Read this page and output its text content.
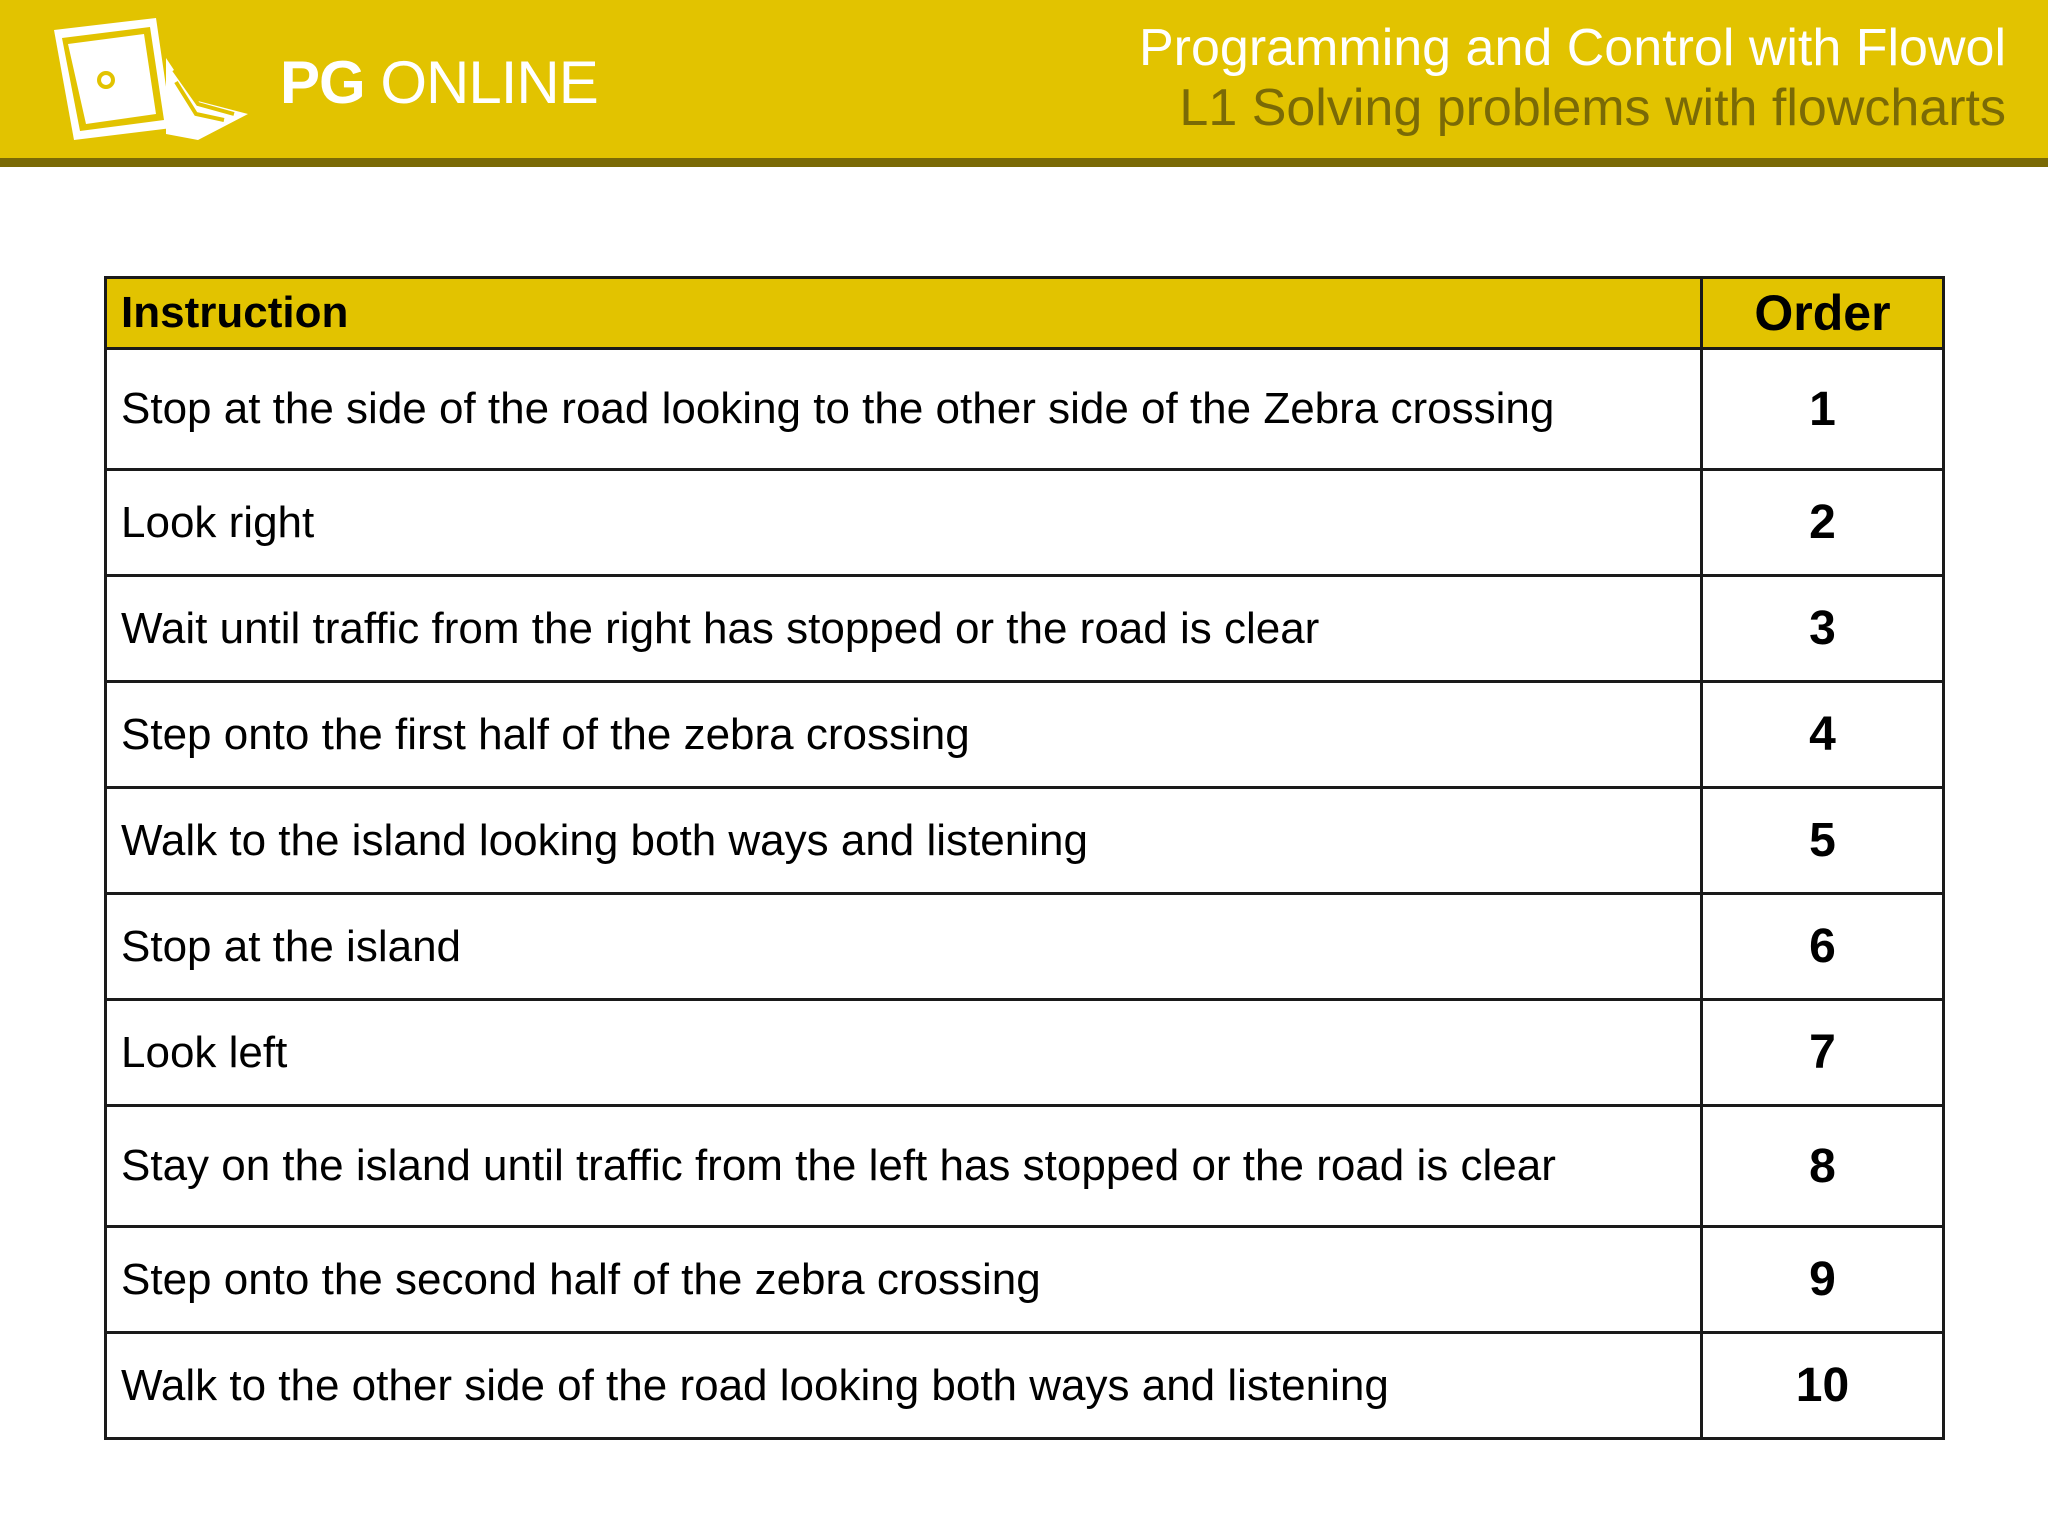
PG ONLINE
Programming and Control with Flowol
L1 Solving problems with flowcharts
Instruction	Order
Stop at the side of the road looking to the other side of the Zebra crossing	1
Look right	2
Wait until traffic from the right has stopped or the road is clear	3
Step onto the first half of the zebra crossing	4
Walk to the island looking both ways and listening	5
Stop at the island	6
Look left	7
Stay on the island until traffic from the left has stopped or the road is clear	8
Step onto the second half of the zebra crossing	9
Walk to the other side of the road looking both ways and listening	10
